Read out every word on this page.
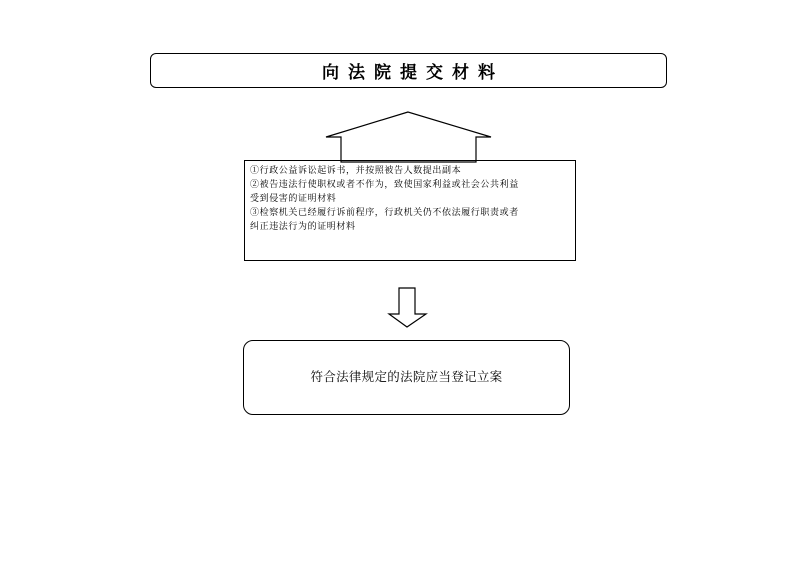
向法院提交材料
①行政公益诉讼起诉书，并按照被告人数提出副本
②被告违法行使职权或者不作为，致使国家利益或社会公共利益
受到侵害的证明材料
③检察机关已经履行诉前程序，行政机关仍不依法履行职责或者
纠正违法行为的证明材料
符合法律规定的法院应当登记立案
